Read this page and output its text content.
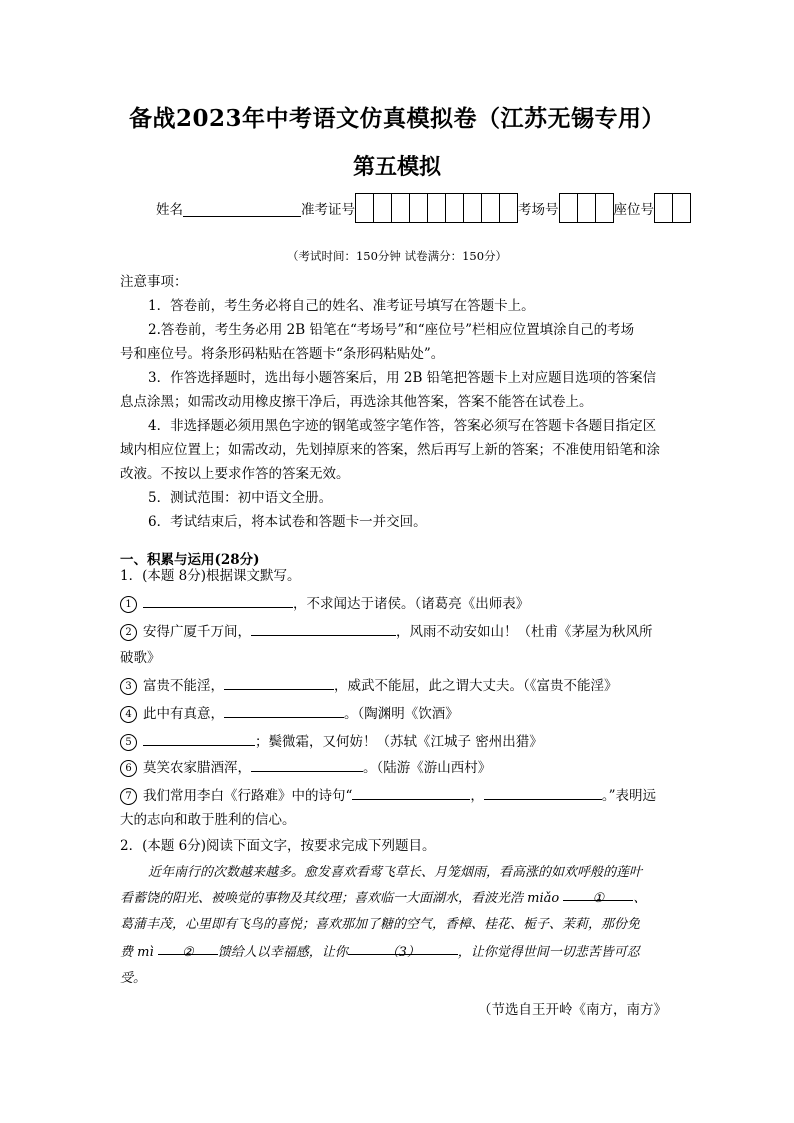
备战2023年中考语文仿真模拟卷（江苏无锡专用）
第五模拟
姓名	准考证号	考场号	座位号
（考试时间：150分钟 试卷满分：150分）
注意事项：
1．答卷前，考生务必将自己的姓名、准考证号填写在答题卡上。
2.答卷前，考生务必用 2B 铅笔在“考场号”和“座位号”栏相应位置填涂自己的考场
号和座位号。将条形码粘贴在答题卡“条形码粘贴处”。
3．作答选择题时，选出每小题答案后，用 2B 铅笔把答题卡上对应题目选项的答案信
息点涂黑；如需改动用橡皮擦干净后，再选涂其他答案，答案不能答在试卷上。
4．非选择题必须用黑色字迹的钢笔或签字笔作答，答案必须写在答题卡各题目指定区
域内相应位置上；如需改动，先划掉原来的答案，然后再写上新的答案；不准使用铅笔和涂
改液。不按以上要求作答的答案无效。
5．测试范围：初中语文全册。
6．考试结束后，将本试卷和答题卡一并交回。
一、积累与运用(28分)
1．(本题 8分)根据课文默写。
1	，不求闻达于诸侯。（诸葛亮《出师表》
2 安得广厦千万间，	，风雨不动安如山！（杜甫《茅屋为秋风所
破歌》
3 富贵不能淫，	，威武不能屈，此之谓大丈夫。（《富贵不能淫》
4 此中有真意，	。（陶渊明《饮酒》
5	；鬓微霜，又何妨！（苏轼《江城子 密州出猎》
6 莫笑农家腊酒浑，	。（陆游《游山西村》
7 我们常用李白《行路难》中的诗句“	，	。”表明远
大的志向和敢于胜利的信心。
2．(本题 6分)阅读下面文字，按要求完成下列题目。
近年南行的次数越来越多。愈发喜欢看莺飞草长、月笼烟雨，看高涨的如欢呼般的莲叶
看蓄饶的阳光、被唤觉的事物及其纹理；喜欢临一大面湖水，看波光浩 miǎo	① 、
葛蒲丰茂，心里即有飞鸟的喜悦；喜欢那加了糖的空气，香樟、桂花、栀子、茉莉，那份免
费 mì ② 馈给人以幸福感，让你	（3）	，让你觉得世间一切悲苦皆可忍
受。
（节选自王开岭《南方，南方》
